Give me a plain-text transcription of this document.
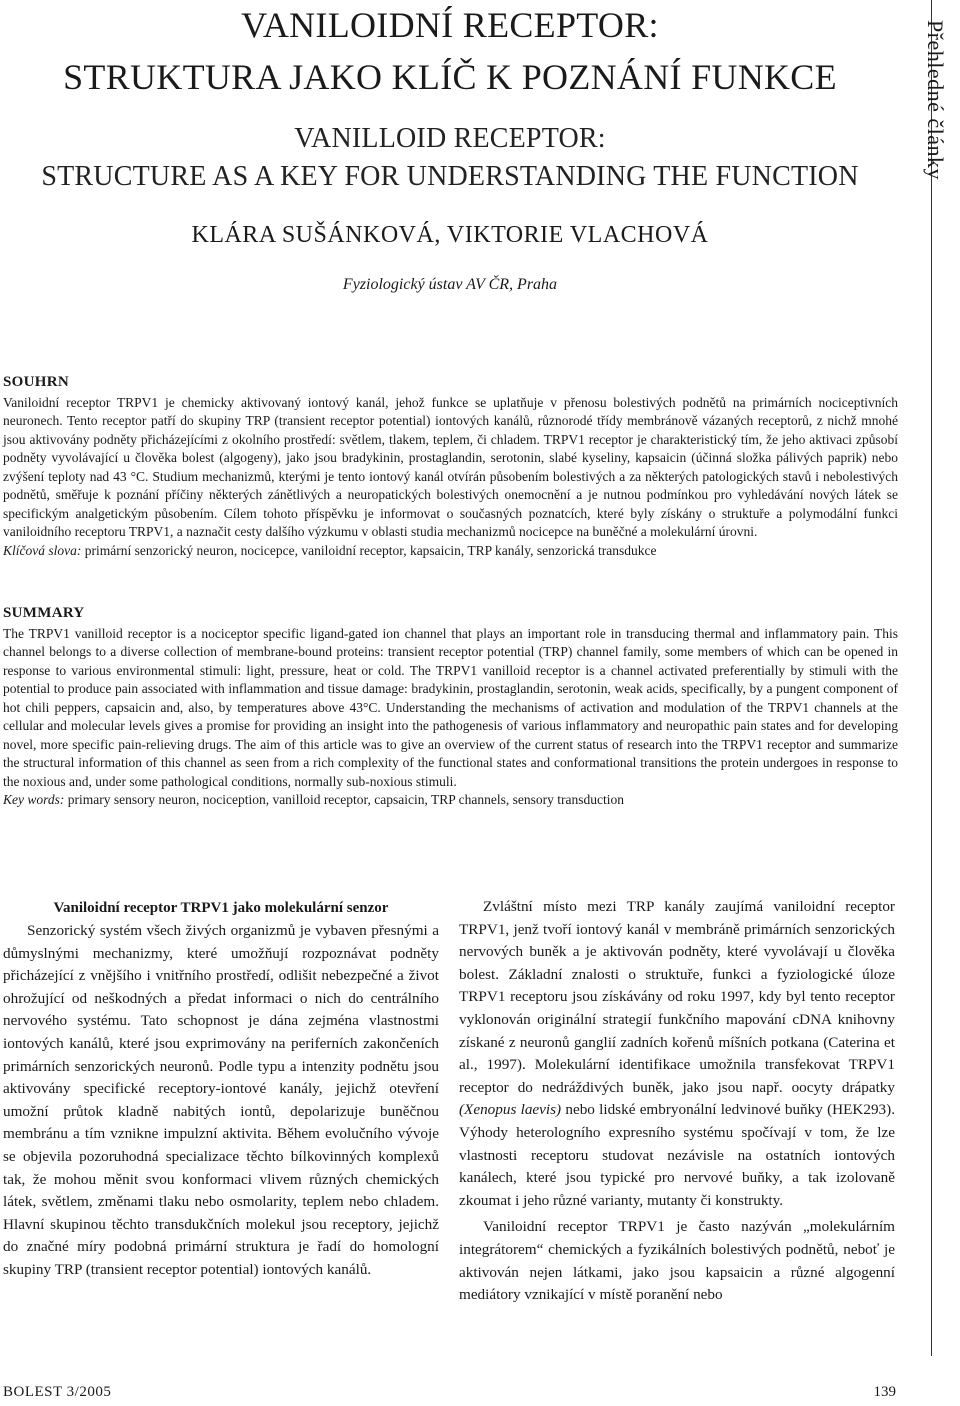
VANILOIDNÍ RECEPTOR:
STRUKTURA JAKO KLÍČ K POZNÁNÍ FUNKCE
VANILLOID RECEPTOR:
STRUCTURE AS A KEY FOR UNDERSTANDING THE FUNCTION
KLÁRA SUŠÁNKOVÁ, VIKTORIE VLACHOVÁ
Fyziologický ústav AV ČR, Praha
Přehledné články
SOUHRN

Vaniloidní receptor TRPV1 je chemicky aktivovaný iontový kanál, jehož funkce se uplatňuje v přenosu bolestivých podnětů na primárních nociceptivních neuronech. Tento receptor patří do skupiny TRP (transient receptor potential) iontových kanálů, různorodé třídy membránově vázaných receptorů, z nichž mnohé jsou aktivovány podněty přicházejícími z okolního prostředí: světlem, tlakem, teplem, či chladem. TRPV1 receptor je charakteristický tím, že jeho aktivaci způsobí podněty vyvolávající u člověka bolest (algogeny), jako jsou bradykinin, prostaglandin, serotonin, slabé kyseliny, kapsaicin (účinná složka pálivých paprik) nebo zvýšení teploty nad 43 °C. Studium mechanizmů, kterými je tento iontový kanál otvírán působením bolestivých a za některých patologických stavů i nebolestivých podnětů, směřuje k poznání příčiny některých zánětlivých a neuropatických bolestivých onemocnění a je nutnou podmínkou pro vyhledávání nových látek se specifickým analgetickým působením. Cílem tohoto příspěvku je informovat o současných poznatcích, které byly získány o struktuře a polymodální funkci vaniloidního receptoru TRPV1, a naznačit cesty dalšího výzkumu v oblasti studia mechanizmů nocicepce na buněčné a molekulární úrovni.

Klíčová slova: primární senzorický neuron, nocicepce, vaniloidní receptor, kapsaicin, TRP kanály, senzorická transdukce

SUMMARY

The TRPV1 vanilloid receptor is a nociceptor specific ligand-gated ion channel that plays an important role in transducing thermal and inflammatory pain. This channel belongs to a diverse collection of membrane-bound proteins: transient receptor potential (TRP) channel family, some members of which can be opened in response to various environmental stimuli: light, pressure, heat or cold. The TRPV1 vanilloid receptor is a channel activated preferentially by stimuli with the potential to produce pain associated with inflammation and tissue damage: bradykinin, prostaglandin, serotonin, weak acids, specifically, by a pungent component of hot chili peppers, capsaicin and, also, by temperatures above 43°C. Understanding the mechanisms of activation and modulation of the TRPV1 channels at the cellular and molecular levels gives a promise for providing an insight into the pathogenesis of various inflammatory and neuropathic pain states and for developing novel, more specific pain-relieving drugs. The aim of this article was to give an overview of the current status of research into the TRPV1 receptor and summarize the structural information of this channel as seen from a rich complexity of the functional states and conformational transitions the protein undergoes in response to the noxious and, under some pathological conditions, normally sub-noxious stimuli.

Key words: primary sensory neuron, nociception, vanilloid receptor, capsaicin, TRP channels, sensory transduction

Vaniloidní receptor TRPV1 jako molekulární senzor

Senzorický systém všech živých organizmů je vybaven přesnými a důmyslnými mechanizmy, které umožňují rozpoznávat podněty přicházející z vnějšího i vnitřního prostředí, odlišit nebezpečné a život ohrožující od neškodných a předat informaci o nich do centrálního nervového systému. Tato schopnost je dána zejména vlastnostmi iontových kanálů, které jsou exprimovány na periferních zakončeních primárních senzorických neuronů. Podle typu a intenzity podnětu jsou aktivovány specifické receptory-iontové kanály, jejichž otevření umožní průtok kladně nabitých iontů, depolarizuje buněčnou membránu a tím vznikne impulzní aktivita. Během evolučního vývoje se objevila pozoruhodná specializace těchto bílkovinných komplexů tak, že mohou měnit svou konformaci vlivem různých chemických látek, světlem, změnami tlaku nebo osmolarity, teplem nebo chladem. Hlavní skupinou těchto transdukčních molekul jsou receptory, jejichž do značné míry podobná primární struktura je řadí do homologní skupiny TRP (transient receptor potential) iontových kanálů.

Zvláštní místo mezi TRP kanály zaujímá vaniloidní receptor TRPV1, jenž tvoří iontový kanál v membráně primárních senzorických nervových buněk a je aktivován podněty, které vyvolávají u člověka bolest. Základní znalosti o struktuře, funkci a fyziologické úloze TRPV1 receptoru jsou získávány od roku 1997, kdy byl tento receptor vyklonován originální strategií funkčního mapování cDNA knihovny získané z neuronů ganglií zadních kořenů míšních potkana (Caterina et al., 1997). Molekulární identifikace umožnila transfekovat TRPV1 receptor do nedráždivých buněk, jako jsou např. oocyty drápatky (Xenopus laevis) nebo lidské embryonální ledvinové buňky (HEK293). Výhody heterologního expresního systému spočívají v tom, že lze vlastnosti receptoru studovat nezávisle na ostatních iontových kanálech, které jsou typické pro nervové buňky, a tak izolovaně zkoumat i jeho různé varianty, mutanty či konstrukty.

Vaniloidní receptor TRPV1 je často nazýván „molekulárním integrátorem“ chemických a fyzikálních bolestivých podnětů, neboť je aktivován nejen látkami, jako jsou kapsaicin a různé algogenní mediátory vznikající v místě poranění nebo

BOLEST 3/2005	139
